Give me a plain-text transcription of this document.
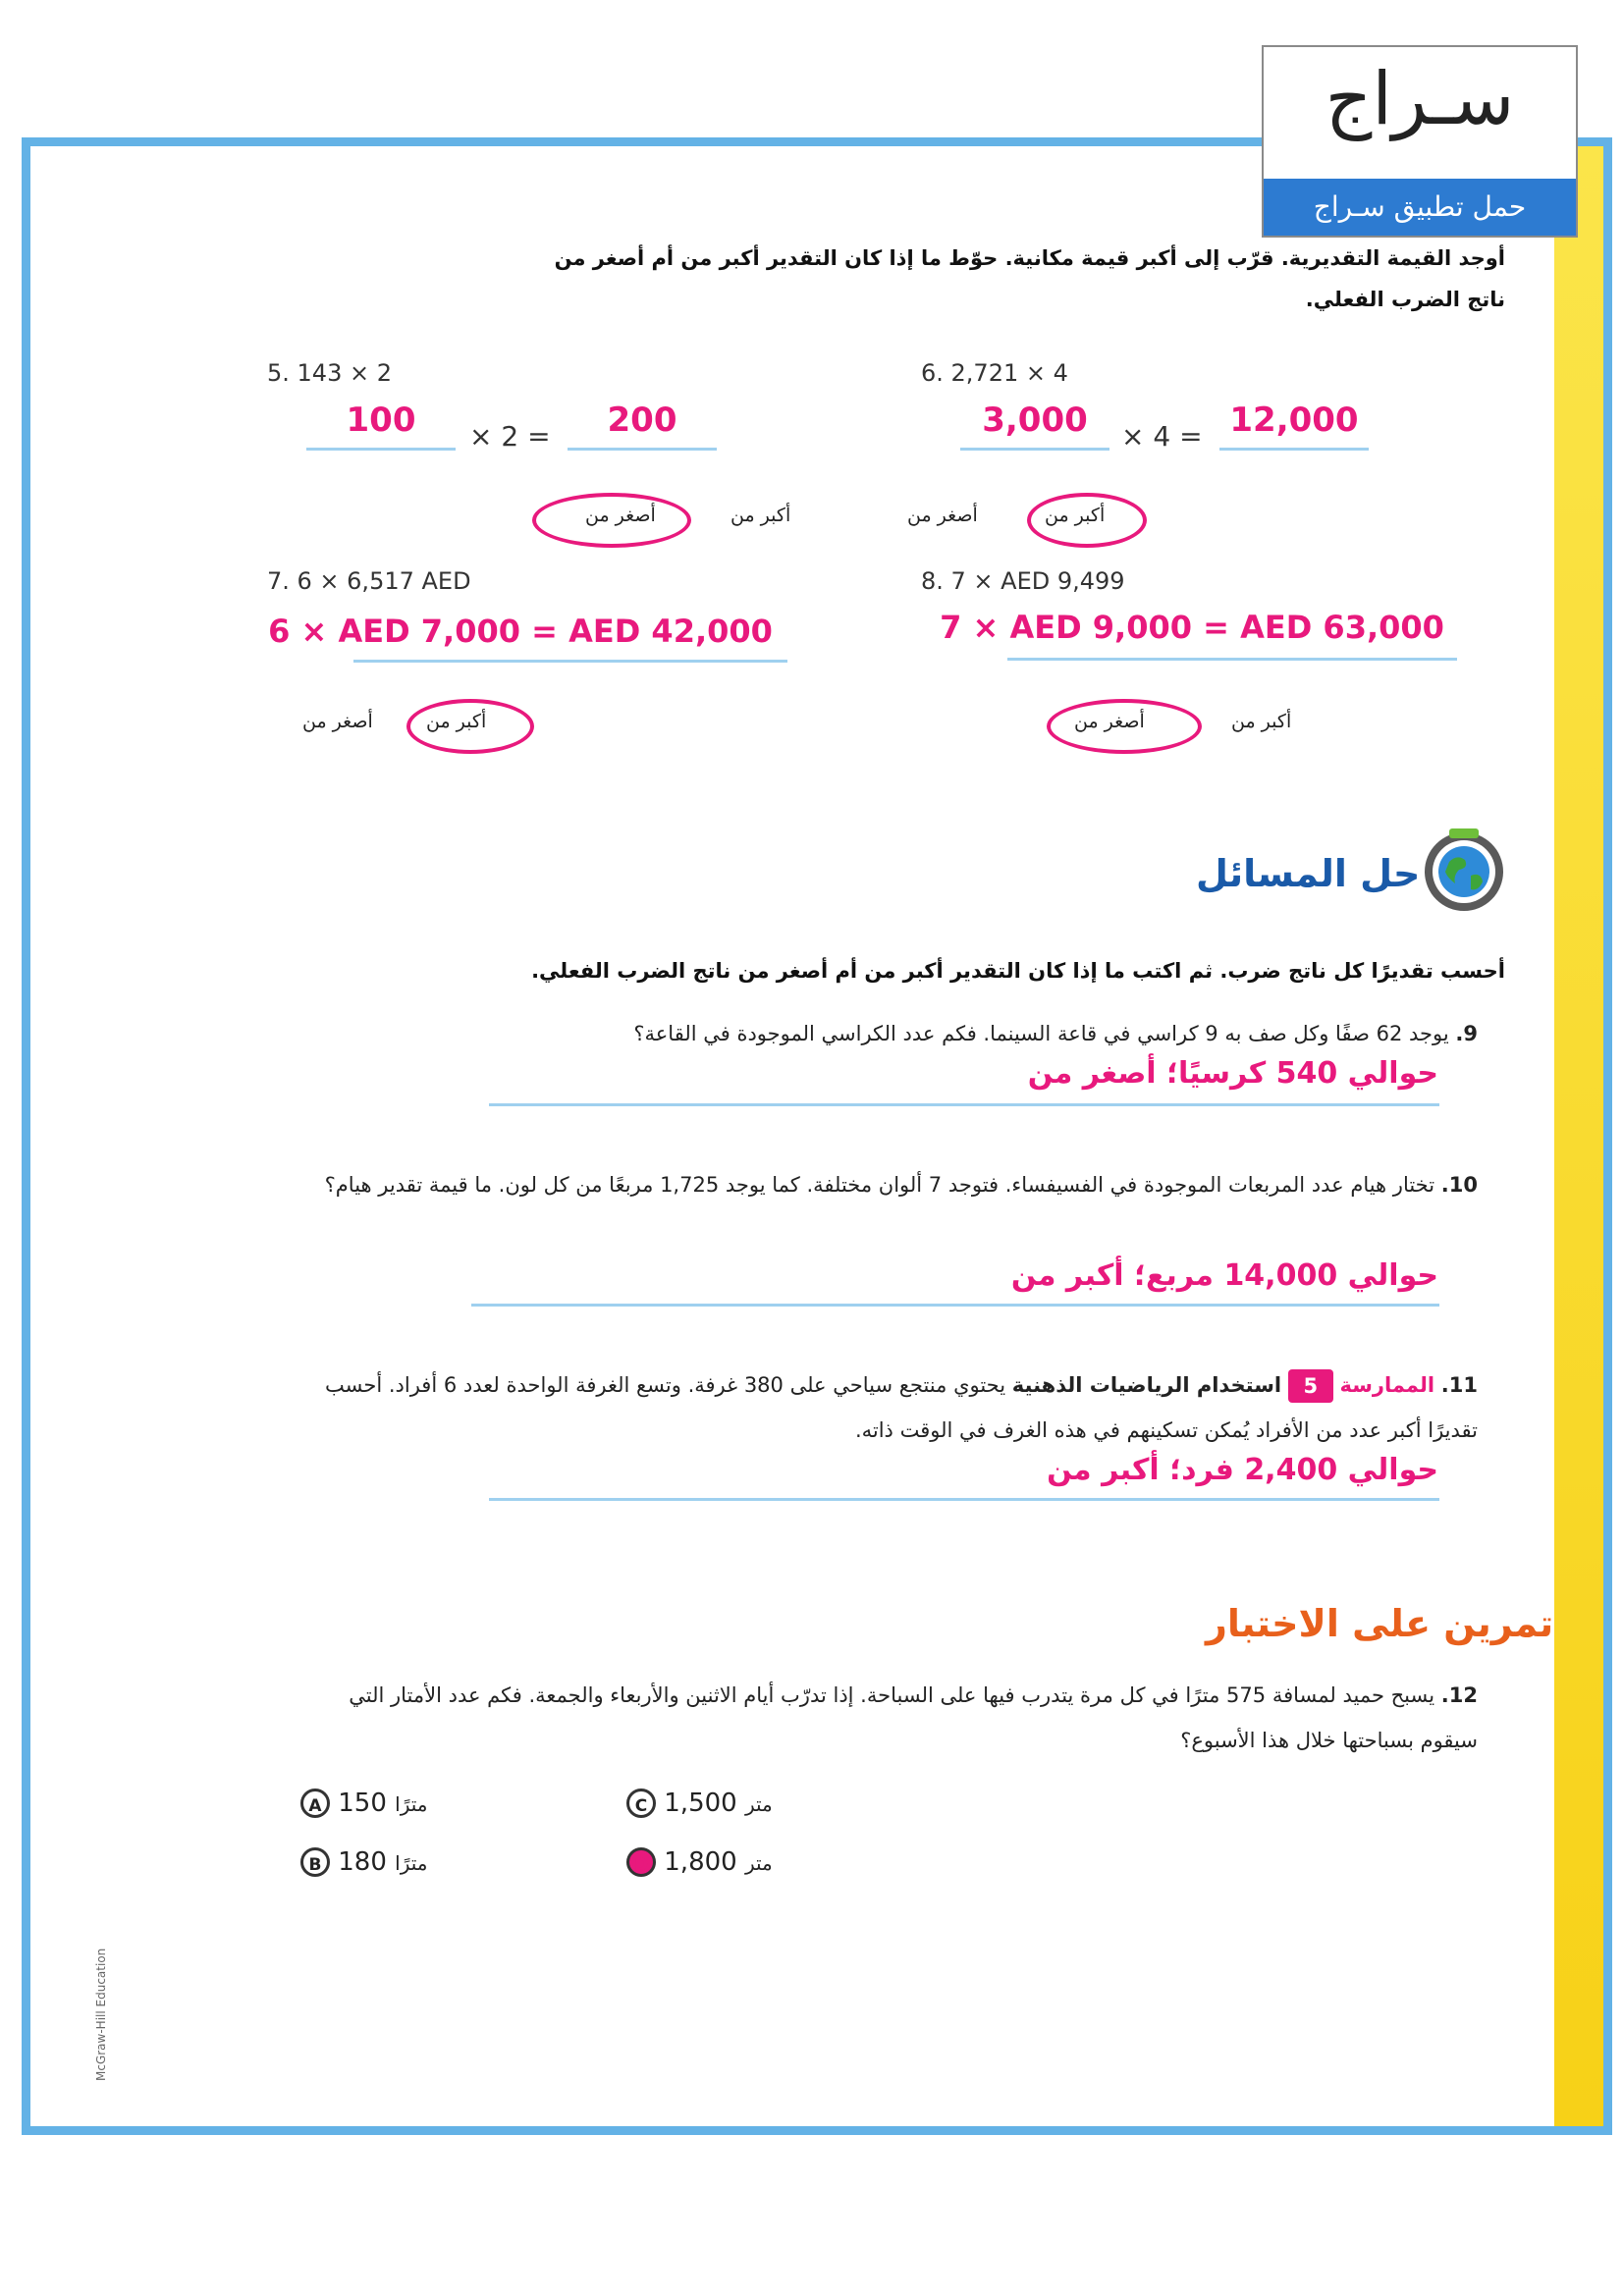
سـراج
حمل تطبيق سـراج
أوجد القيمة التقديرية. قرّب إلى أكبر قيمة مكانية. حوّط ما إذا كان التقدير أكبر من أم أصغر من ناتج الضرب الفعلي.
5. 143 × 2
100	× 2 =	200
أصغر من	أكبر من
6. 2,721 × 4
3,000	× 4 = 12,000
أكبر من
أصغر من
7. 6 × 6,517 AED
6 × AED 7,000 = AED 42,000
أكبر من
أصغر من
8. 7 × AED 9,499
7 × AED 9,000 = AED 63,000
أصغر من	أكبر من
حل المسائل
أحسب تقديرًا كل ناتج ضرب. ثم اكتب ما إذا كان التقدير أكبر من أم أصغر من ناتج الضرب الفعلي.
9. يوجد 62 صفًا وكل صف به 9 كراسي في قاعة السينما. فكم عدد الكراسي الموجودة في القاعة؟
حوالي 540 كرسيًا؛ أصغر من
10. تختار هيام عدد المربعات الموجودة في الفسيفساء. فتوجد 7 ألوان مختلفة. كما يوجد 1,725 مربعًا من كل لون. ما قيمة تقدير هيام؟
حوالي 14,000 مربع؛ أكبر من
11. الممارسة 5 استخدام الرياضيات الذهنية يحتوي منتجع سياحي على 380 غرفة. وتسع الغرفة الواحدة لعدد 6 أفراد. أحسب تقديرًا أكبر عدد من الأفراد يُمكن تسكينهم في هذه الغرف في الوقت ذاته.
حوالي 2,400 فرد؛ أكبر من
تمرين على الاختبار
12. يسبح حميد لمسافة 575 مترًا في كل مرة يتدرب فيها على السباحة. إذا تدرّب أيام الاثنين والأربعاء والجمعة. فكم عدد الأمتار التي سيقوم بسباحتها خلال هذا الأسبوع؟
A 150 مترًا
B 180 مترًا
C 1,500 متر
D 1,800 متر
McGraw-Hill Education
